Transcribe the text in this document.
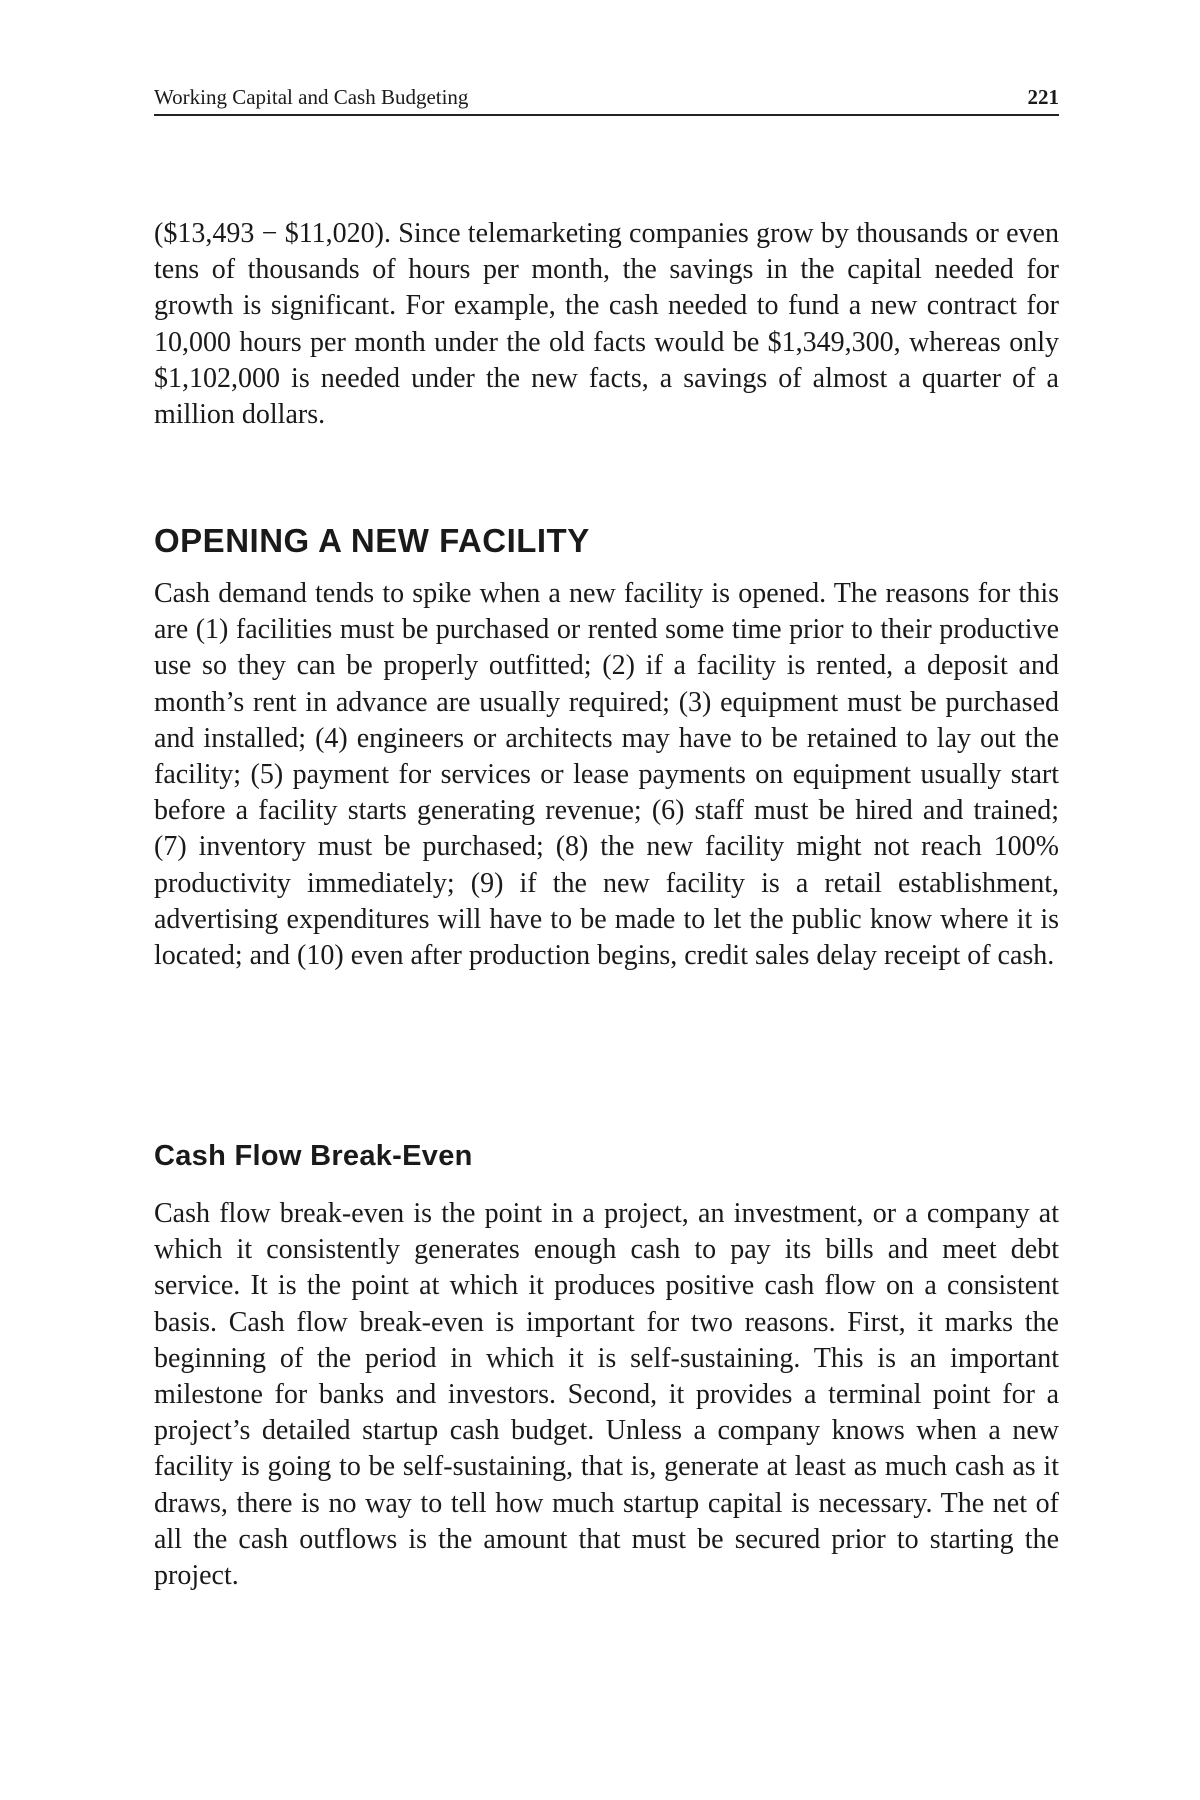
Working Capital and Cash Budgeting	221

($13,493 − $11,020). Since telemarketing companies grow by thousands or even tens of thousands of hours per month, the savings in the capital needed for growth is significant. For example, the cash needed to fund a new contract for 10,000 hours per month under the old facts would be $1,349,300, whereas only $1,102,000 is needed under the new facts, a savings of almost a quarter of a million dollars.

OPENING A NEW FACILITY

Cash demand tends to spike when a new facility is opened. The reasons for this are (1) facilities must be purchased or rented some time prior to their productive use so they can be properly outfitted; (2) if a facility is rented, a deposit and month’s rent in advance are usually required; (3) equipment must be purchased and installed; (4) engineers or architects may have to be retained to lay out the facility; (5) payment for services or lease payments on equipment usually start before a facility starts generating revenue; (6) staff must be hired and trained; (7) inventory must be purchased; (8) the new facility might not reach 100% productivity immediately; (9) if the new facility is a retail establishment, advertising expenditures will have to be made to let the public know where it is located; and (10) even after production begins, credit sales delay receipt of cash.

Cash Flow Break-Even

Cash flow break-even is the point in a project, an investment, or a company at which it consistently generates enough cash to pay its bills and meet debt service. It is the point at which it produces positive cash flow on a consistent basis. Cash flow break-even is important for two reasons. First, it marks the beginning of the period in which it is self-sustaining. This is an important milestone for banks and investors. Second, it provides a terminal point for a project’s detailed startup cash budget. Unless a company knows when a new facility is going to be self-sustaining, that is, generate at least as much cash as it draws, there is no way to tell how much startup capital is necessary. The net of all the cash outflows is the amount that must be secured prior to starting the project.
